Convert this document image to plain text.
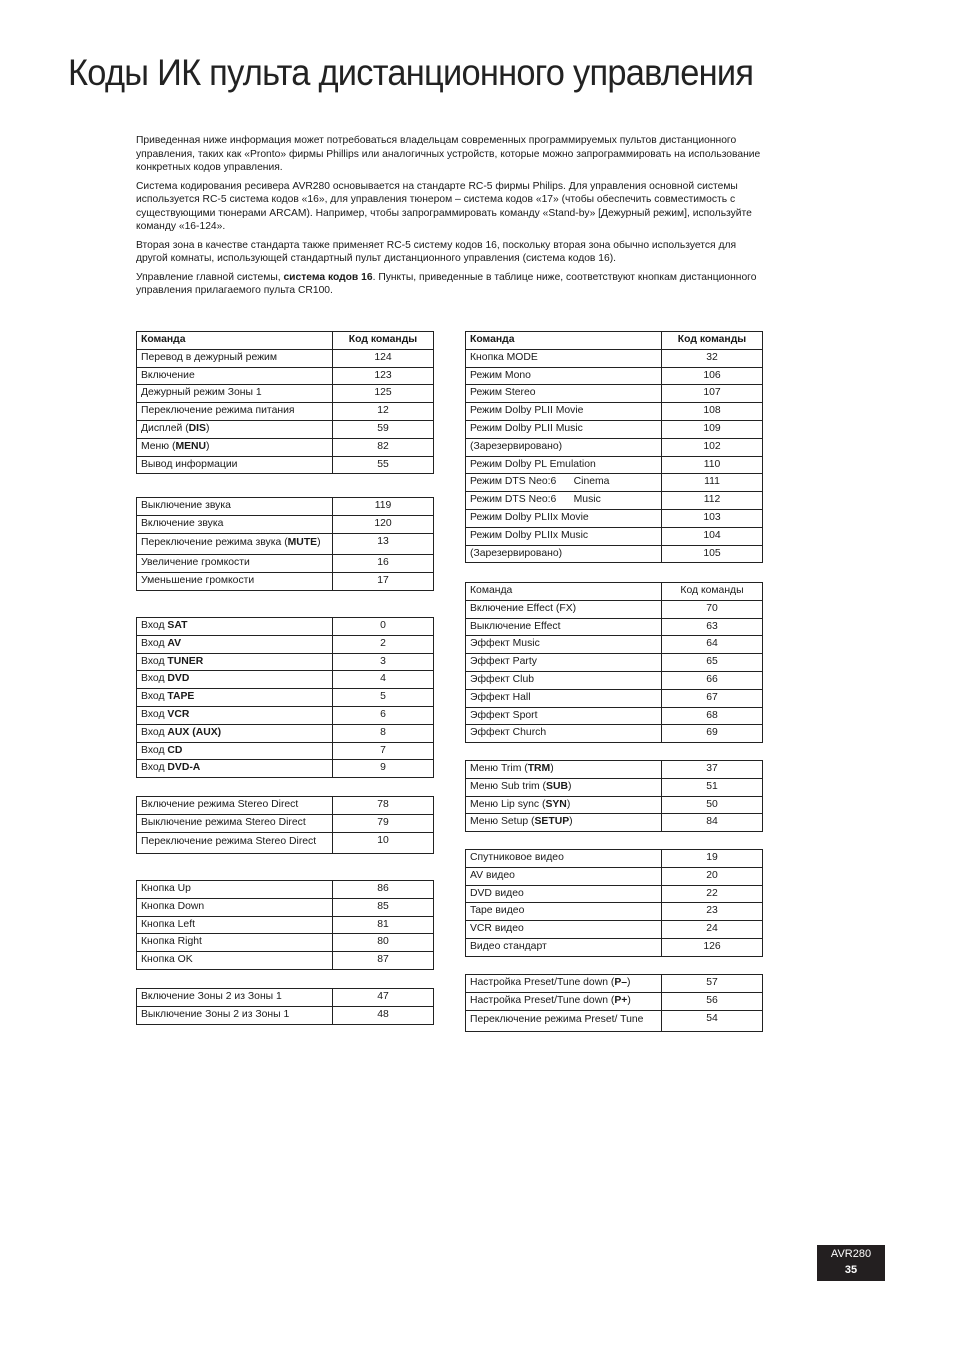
Коды ИК пульта дистанционного управления

Приведенная ниже информация может потребоваться владельцам современных программируемых пультов дистанционного управления, таких как «Pronto» фирмы Phillips или аналогичных устройств, которые можно запрограммировать на использование конкретных кодов управления.

Система кодирования ресивера AVR280 основывается на стандарте RC-5 фирмы Philips. Для управления основной системы используется RC-5 система кодов «16», для управления тюнером – система кодов «17» (чтобы обеспечить совместимость с существующими тюнерами ARCAM). Например, чтобы запрограммировать команду «Stand-by» [Дежурный режим], используйте команду «16-124».

Вторая зона в качестве стандарта также применяет RC-5 систему кодов 16, поскольку вторая зона обычно используется для другой комнаты, использующей стандартный пульт дистанционного управления (система кодов 16).

Управление главной системы, система кодов 16. Пункты, приведенные в таблице ниже, соответствуют кнопкам дистанционного управления прилагаемого пульта CR100.

Команда	Код команды
Перевод в дежурный режим	124
Включение	123
Дежурный режим Зоны 1	125
Переключение режима питания	12
Дисплей (DIS)	59
Меню (MENU)	82
Вывод информации	55
Выключение звука	119
Включение звука	120
Переключение режима звука (MUTE)	13
Увеличение громкости	16
Уменьшение громкости	17
Вход SAT	0
Вход AV	2
Вход TUNER	3
Вход DVD	4
Вход TAPE	5
Вход VCR	6
Вход AUX (AUX)	8
Вход CD	7
Вход DVD-A	9
Включение режима Stereo Direct	78
Выключение режима Stereo Direct	79
Переключение режима Stereo Direct	10
Кнопка Up	86
Кнопка Down	85
Кнопка Left	81
Кнопка Right	80
Кнопка OK	87
Включение Зоны 2 из Зоны 1	47
Выключение Зоны 2 из Зоны 1	48
Команда	Код команды
Кнопка MODE	32
Режим Mono	106
Режим Stereo	107
Режим Dolby PLII Movie	108
Режим Dolby PLII Music	109
(Зарезервировано)	102
Режим Dolby PL Emulation	110
Режим DTS Neo:6      Cinema	111
Режим DTS Neo:6      Music	112
Режим Dolby PLIIx Movie	103
Режим Dolby PLIIx Music	104
(Зарезервировано)	105
Команда	Код команды
Включение Effect (FX)	70
Выключение Effect	63
Эффект Music	64
Эффект Party	65
Эффект Club	66
Эффект Hall	67
Эффект Sport	68
Эффект Church	69
Меню Trim (TRM)	37
Меню Sub trim (SUB)	51
Меню Lip sync (SYN)	50
Меню Setup (SETUP)	84
Спутниковое видео	19
AV видео	20
DVD видео	22
Tape видео	23
VCR видео	24
Видео стандарт	126
Настройка Preset/Tune down (P–)	57
Настройка Preset/Tune down (P+)	56
Переключение режима Preset/ Tune	54
AVR280
35
